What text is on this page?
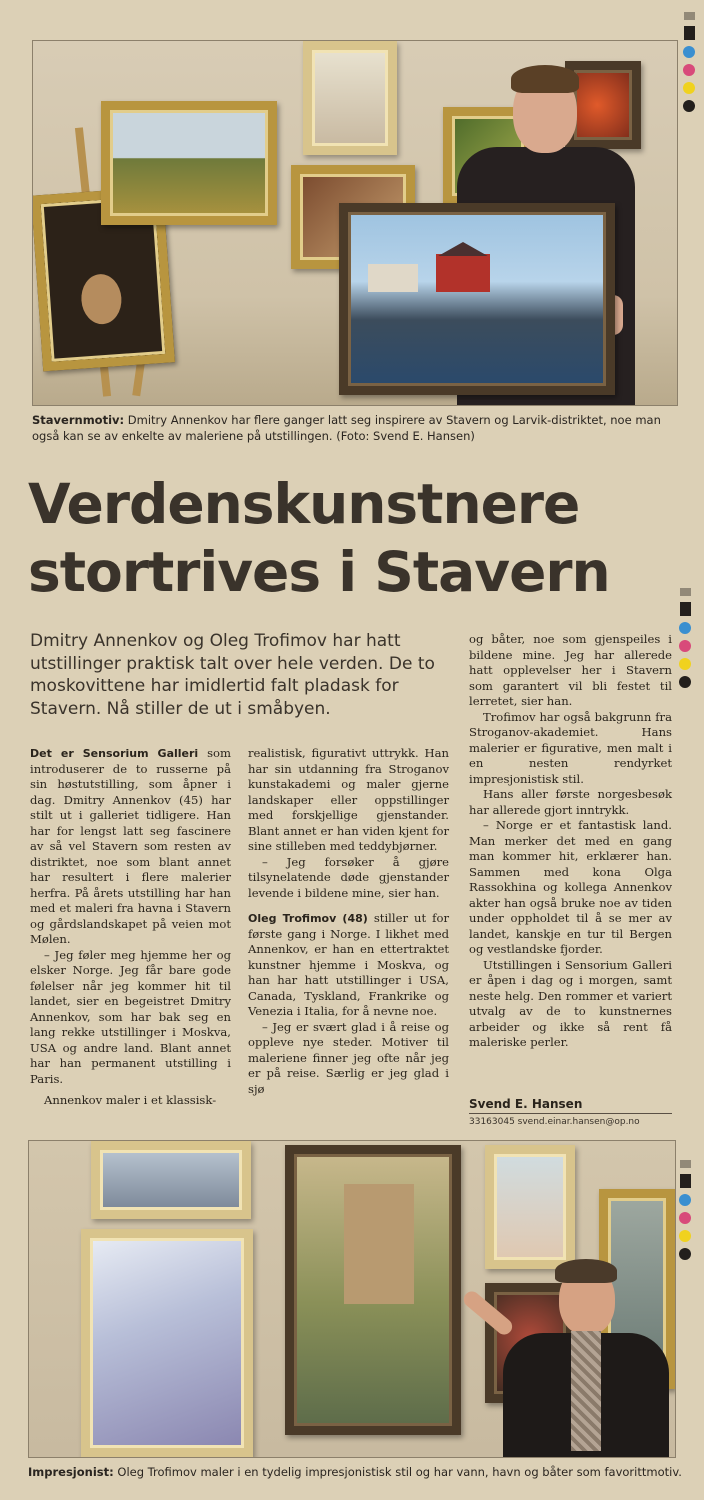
Stavernmotiv: Dmitry Annenkov har flere ganger latt seg inspirere av Stavern og Larvik-distriktet, noe man også kan se av enkelte av maleriene på utstillingen. (Foto: Svend E. Hansen)
Verdenskunstnere
stortrives i Stavern
Dmitry Annenkov og Oleg Trofimov har hatt utstillinger praktisk talt over hele verden. De to moskovittene har imidlertid falt pladask for Stavern. Nå stiller de ut i småbyen.

Det er Sensorium Galleri som introduserer de to russerne på sin høstutstilling, som åpner i dag. Dmitry Annenkov (45) har stilt ut i galleriet tidligere. Han har for lengst latt seg fascinere av så vel Stavern som resten av distriktet, noe som blant annet har resultert i flere malerier herfra. På årets utstilling har han med et maleri fra havna i Stavern og gårdslandskapet på veien mot Mølen.

– Jeg føler meg hjemme her og elsker Norge. Jeg får bare gode følelser når jeg kommer hit til landet, sier en begeistret Dmitry Annenkov, som har bak seg en lang rekke utstillinger i Moskva, USA og andre land. Blant annet har han permanent utstilling i Paris.

Annenkov maler i et klassisk-

realistisk, figurativt uttrykk. Han har sin utdanning fra Stroganov kunstakademi og maler gjerne landskaper eller oppstillinger med forskjellige gjenstander. Blant annet er han viden kjent for sine stilleben med teddybjørner.

– Jeg forsøker å gjøre tilsynelatende døde gjenstander levende i bildene mine, sier han.

Oleg Trofimov (48) stiller ut for første gang i Norge. I likhet med Annenkov, er han en ettertraktet kunstner hjemme i Moskva, og han har hatt utstillinger i USA, Canada, Tyskland, Frankrike og Venezia i Italia, for å nevne noe.

– Jeg er svært glad i å reise og oppleve nye steder. Motiver til maleriene finner jeg ofte når jeg er på reise. Særlig er jeg glad i sjø

og båter, noe som gjenspeiles i bildene mine. Jeg har allerede hatt opplevelser her i Stavern som garantert vil bli festet til lerretet, sier han.

Trofimov har også bakgrunn fra Stroganov-akademiet. Hans malerier er figurative, men malt i en nesten rendyrket impresjonistisk stil.

Hans aller første norgesbesøk har allerede gjort inntrykk.

– Norge er et fantastisk land. Man merker det med en gang man kommer hit, erklærer han. Sammen med kona Olga Rassokhina og kollega Annenkov akter han også bruke noe av tiden under oppholdet til å se mer av landet, kanskje en tur til Bergen og vestlandske fjorder.

Utstillingen i Sensorium Galleri er åpen i dag og i morgen, samt neste helg. Den rommer et variert utvalg av de to kunstnernes arbeider og ikke så rent få maleriske perler.

Svend E. Hansen
33163045 svend.einar.hansen@op.no
Impresjonist: Oleg Trofimov maler i en tydelig impresjonistisk stil og har vann, havn og båter som favorittmotiv.
